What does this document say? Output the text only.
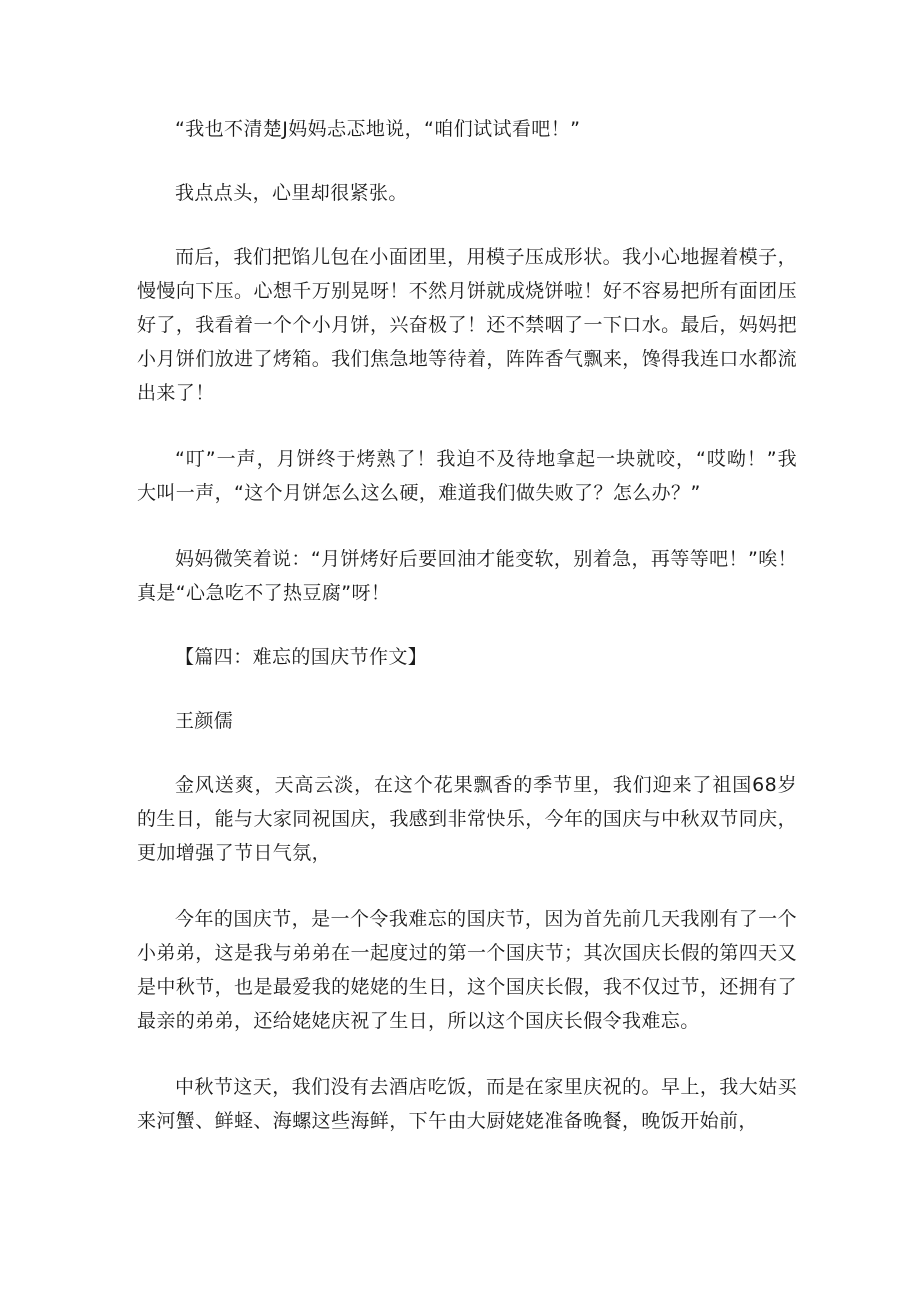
“我也不清楚J妈妈忐忑地说，“咱们试试看吧！”

我点点头，心里却很紧张。

而后，我们把馅儿包在小面团里，用模子压成形状。我小心地握着模子，慢慢向下压。心想千万别晃呀！不然月饼就成烧饼啦！好不容易把所有面团压好了，我看着一个个小月饼，兴奋极了！还不禁咽了一下口水。最后，妈妈把小月饼们放进了烤箱。我们焦急地等待着，阵阵香气飘来，馋得我连口水都流出来了！

“叮”一声，月饼终于烤熟了！我迫不及待地拿起一块就咬，“哎呦！”我大叫一声，“这个月饼怎么这么硬，难道我们做失败了？怎么办？”

妈妈微笑着说：“月饼烤好后要回油才能变软，别着急，再等等吧！”唉！真是“心急吃不了热豆腐”呀！

【篇四：难忘的国庆节作文】

王颜儒

金风送爽，天高云淡，在这个花果飘香的季节里，我们迎来了祖国68岁的生日，能与大家同祝国庆，我感到非常快乐，今年的国庆与中秋双节同庆，更加增强了节日气氛，

今年的国庆节，是一个令我难忘的国庆节，因为首先前几天我刚有了一个小弟弟，这是我与弟弟在一起度过的第一个国庆节；其次国庆长假的第四天又是中秋节，也是最爱我的姥姥的生日，这个国庆长假，我不仅过节，还拥有了最亲的弟弟，还给姥姥庆祝了生日，所以这个国庆长假令我难忘。

中秋节这天，我们没有去酒店吃饭，而是在家里庆祝的。早上，我大姑买来河蟹、鲜蛏、海螺这些海鲜，下午由大厨姥姥准备晚餐，晚饭开始前，
